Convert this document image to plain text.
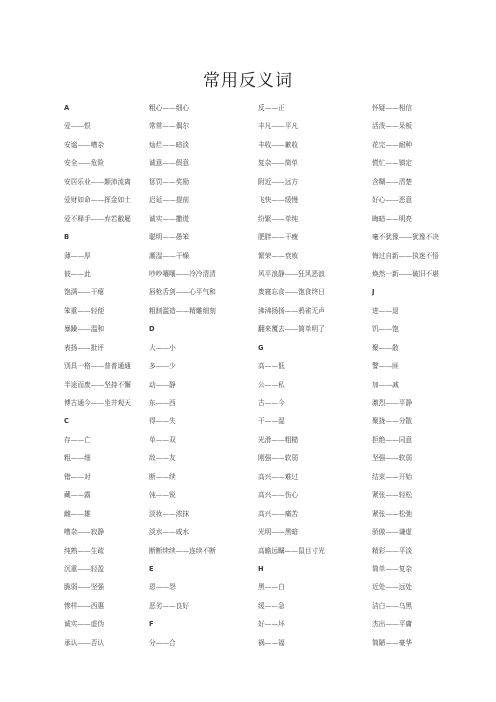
常用反义词
A
爱——恨
安谧——嘈杂
安全——危险
安居乐业——颠沛流离
爱财如命——挥金如土
爱不释手——弃若敝屣
B
薄——厚
彼——此
饱满——干瘪
笨重——轻便
暴躁——温和
表扬——批评
别具一格——普普通通
半途而废——坚持不懈
博古通今——坐井观天
C
存——亡
粗——细
错——对
藏——露
雌——雄
嘈杂——寂静
纯熟——生疏
沉重——轻盈
脆弱——坚强
惨样——西惠
诚实——虚伪
承认——否认
粗心——细心
常常——偶尔
灿烂——暗淡
诚意——假意
惩罚——奖励
迟延——提前
诚实——撒谎
聪明——愚笨
潮湿——干燥
吵吵嚷嚷——冷冷清清
唇枪舌剑——心平气和
粗制滥造——精雕细刻
D
大——小
多——少
动——静
东——西
得——失
单——双
敌——友
断——续
钝——锐
淡妆——浓抹
淡水——咸水
断断续续——连续不断
E
恩——怨
恶劣——良好
F
分——合
反——正
丰凡——平凡
丰收——歉收
复杂——简单
附近——远方
飞快——缓慢
纷繁——单纯
肥胖——干瘦
繁荣——衰败
风平浪静——狂风恶浪
废寝忘食——饱食终日
沸沸扬扬——鸦雀无声
翻来覆去——简单明了
G
高——低
公——私
古——今
干——湿
光滑——粗糙
刚强——软弱
高兴——难过
高兴——伤心
高兴——痛苦
光明——黑暗
高瞻远瞩——鼠目寸光
H
黑——白
缓——急
好——坏
祸——福
怀疑——相信
活泼——呆板
花完——耐种
慌忙——镇定
含糊——清楚
好心——恶意
晦暗——明亮
毫不犹豫——犹豫不决
悔过自新——执迷不悟
焕然一新——破旧不堪
J
进——退
饥——饱
聚——散
警——匪
加——减
激烈——平静
聚拢——分散
拒绝——同意
坚强——软弱
结束——开始
紧张——轻松
紧张——松弛
骄傲——谦虚
精彩——平淡
简单——复杂
近处——远处
洁白——乌黑
杰出——平庸
简陋——豪华
